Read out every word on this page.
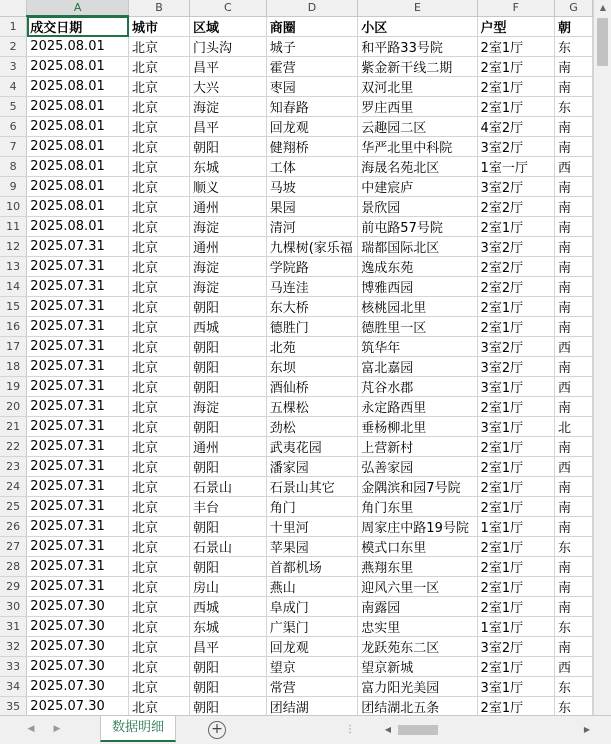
	A	B	C	D	E	F	G
1	成交日期	城市	区域	商圈	小区	户型	朝
2	2025.08.01	北京	门头沟	城子	和平路33号院	2室1厅	东
3	2025.08.01	北京	昌平	霍营	紫金新干线二期	2室1厅	南
4	2025.08.01	北京	大兴	枣园	双河北里	2室1厅	南
5	2025.08.01	北京	海淀	知春路	罗庄西里	2室1厅	东
6	2025.08.01	北京	昌平	回龙观	云趣园二区	4室2厅	南
7	2025.08.01	北京	朝阳	健翔桥	华严北里中科院	3室2厅	南
8	2025.08.01	北京	东城	工体	海晟名苑北区	1室一厅	西
9	2025.08.01	北京	顺义	马坡	中建宸庐	3室2厅	南
10	2025.08.01	北京	通州	果园	景欣园	2室2厅	南
11	2025.08.01	北京	海淀	清河	前屯路57号院	2室1厅	南
12	2025.07.31	北京	通州	九棵树(家乐福	瑞都国际北区	3室2厅	南
13	2025.07.31	北京	海淀	学院路	逸成东苑	2室2厅	南
14	2025.07.31	北京	海淀	马连洼	博雅西园	2室2厅	南
15	2025.07.31	北京	朝阳	东大桥	核桃园北里	2室1厅	南
16	2025.07.31	北京	西城	德胜门	德胜里一区	2室1厅	南
17	2025.07.31	北京	朝阳	北苑	筑华年	3室2厅	西
18	2025.07.31	北京	朝阳	东坝	富北嘉园	3室2厅	南
19	2025.07.31	北京	朝阳	酒仙桥	芃谷水郡	3室1厅	西
20	2025.07.31	北京	海淀	五棵松	永定路西里	2室1厅	南
21	2025.07.31	北京	朝阳	劲松	垂杨柳北里	3室1厅	北
22	2025.07.31	北京	通州	武夷花园	上营新村	2室1厅	南
23	2025.07.31	北京	朝阳	潘家园	弘善家园	2室1厅	西
24	2025.07.31	北京	石景山	石景山其它	金隅滨和园7号院	2室1厅	南
25	2025.07.31	北京	丰台	角门	角门东里	2室1厅	南
26	2025.07.31	北京	朝阳	十里河	周家庄中路19号院	1室1厅	南
27	2025.07.31	北京	石景山	苹果园	模式口东里	2室1厅	东
28	2025.07.31	北京	朝阳	首都机场	燕翔东里	2室1厅	南
29	2025.07.31	北京	房山	燕山	迎风六里一区	2室1厅	南
30	2025.07.30	北京	西城	阜成门	南露园	2室1厅	南
31	2025.07.30	北京	东城	广渠门	忠实里	1室1厅	东
32	2025.07.30	北京	昌平	回龙观	龙跃苑东二区	3室2厅	南
33	2025.07.30	北京	朝阳	望京	望京新城	2室1厅	西
34	2025.07.30	北京	朝阳	常营	富力阳光美园	3室1厅	东
35	2025.07.30	北京	朝阳	团结湖	团结湖北五条	2室1厅	东

▲
◀	▶	数据明细	+	⋮	◀	▶
